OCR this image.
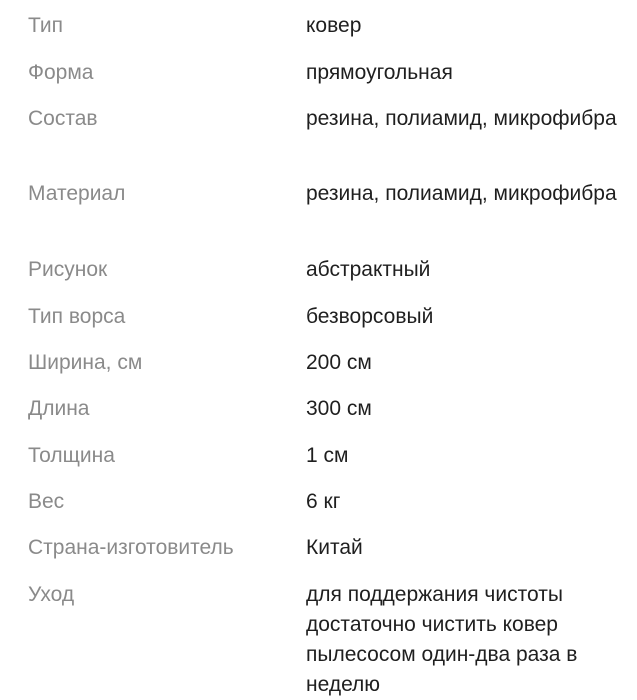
Тип	ковер
Форма	прямоугольная
Состав	резина, полиамид, микрофибра
Материал	резина, полиамид, микрофибра
Рисунок	абстрактный
Тип ворса	безворсовый
Ширина, см	200 см
Длина	300 см
Толщина	1 см
Вес	6 кг
Страна-изготовитель	Китай
Уход	для поддержания чистоты достаточно чистить ковер пылесосом один-два раза в неделю
